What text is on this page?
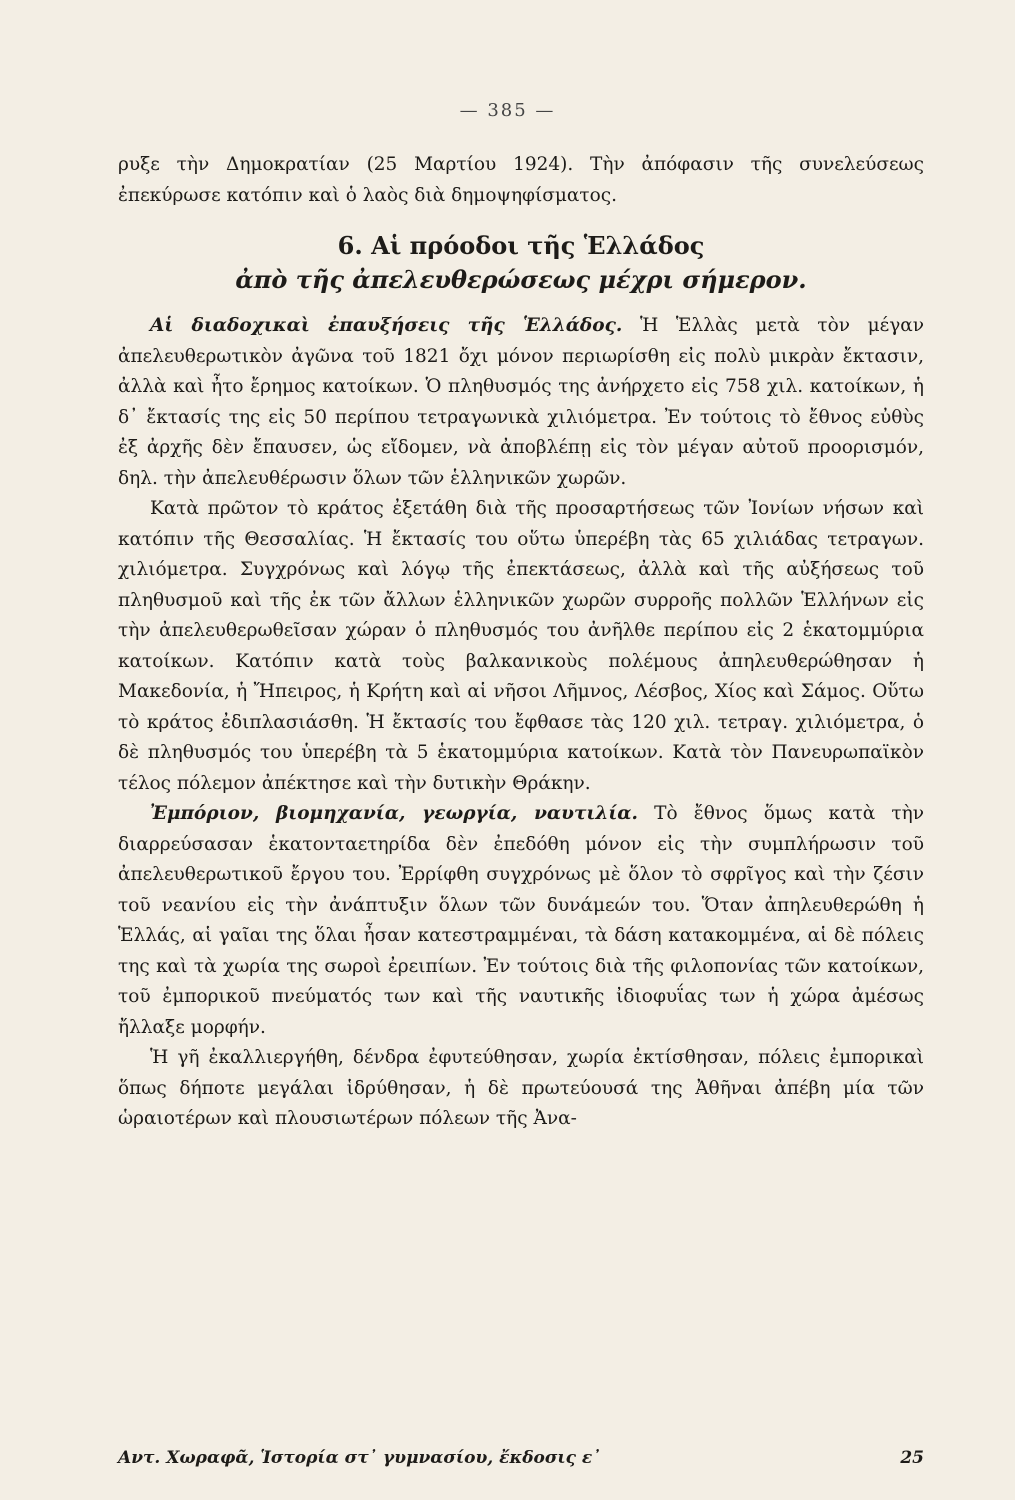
— 385 —

ρυξε τὴν Δημοκρατίαν (25 Μαρτίου 1924). Τὴν ἀπόφασιν τῆς συνελεύσεως ἐπεκύρωσε κατόπιν καὶ ὁ λαὸς διὰ δημοψηφίσματος.

6. Αἱ πρόοδοι τῆς Ἑλλάδος
ἀπὸ τῆς ἀπελευθερώσεως μέχρι σήμερον.

Αἱ διαδοχικαὶ ἐπαυξήσεις τῆς Ἑλλάδος. Ἡ Ἑλλὰς μετὰ τὸν μέγαν ἀπελευθερωτικὸν ἀγῶνα τοῦ 1821 ὄχι μόνον περιωρίσθη εἰς πολὺ μικρὰν ἔκτασιν, ἀλλὰ καὶ ἦτο ἔρημος κατοίκων. Ὁ πληθυσμός της ἀνήρχετο εἰς 758 χιλ. κατοίκων, ἡ δ᾽ ἔκτασίς της εἰς 50 περίπου τετραγωνικὰ χιλιόμετρα. Ἐν τούτοις τὸ ἔθνος εὐθὺς ἐξ ἀρχῆς δὲν ἔπαυσεν, ὡς εἴδομεν, νὰ ἀποβλέπῃ εἰς τὸν μέγαν αὐτοῦ προορισμόν, δηλ. τὴν ἀπελευθέρωσιν ὅλων τῶν ἑλληνικῶν χωρῶν.

Κατὰ πρῶτον τὸ κράτος ἐξετάθη διὰ τῆς προσαρτήσεως τῶν Ἰονίων νήσων καὶ κατόπιν τῆς Θεσσαλίας. Ἡ ἔκτασίς του οὕτω ὑπερέβη τὰς 65 χιλιάδας τετραγων. χιλιόμετρα. Συγχρόνως καὶ λόγῳ τῆς ἐπεκτάσεως, ἀλλὰ καὶ τῆς αὐξήσεως τοῦ πληθυσμοῦ καὶ τῆς ἐκ τῶν ἄλλων ἑλληνικῶν χωρῶν συρροῆς πολλῶν Ἑλλήνων εἰς τὴν ἀπελευθερωθεῖσαν χώραν ὁ πληθυσμός του ἀνῆλθε περίπου εἰς 2 ἑκατομμύρια κατοίκων. Κατόπιν κατὰ τοὺς βαλκανικοὺς πολέμους ἀπηλευθερώθησαν ἡ Μακεδονία, ἡ Ἤπειρος, ἡ Κρήτη καὶ αἱ νῆσοι Λῆμνος, Λέσβος, Χίος καὶ Σάμος. Οὕτω τὸ κράτος ἐδιπλασιάσθη. Ἡ ἔκτασίς του ἔφθασε τὰς 120 χιλ. τετραγ. χιλιόμετρα, ὁ δὲ πληθυσμός του ὑπερέβη τὰ 5 ἑκατομμύρια κατοίκων. Κατὰ τὸν Πανευρωπαϊκὸν τέλος πόλεμον ἀπέκτησε καὶ τὴν δυτικὴν Θράκην.

Ἐμπόριον, βιομηχανία, γεωργία, ναυτιλία. Τὸ ἔθνος ὅμως κατὰ τὴν διαρρεύσασαν ἑκατονταετηρίδα δὲν ἐπεδόθη μόνον εἰς τὴν συμπλήρωσιν τοῦ ἀπελευθερωτικοῦ ἔργου του. Ἐρρίφθη συγχρόνως μὲ ὅλον τὸ σφρῖγος καὶ τὴν ζέσιν τοῦ νεανίου εἰς τὴν ἀνάπτυξιν ὅλων τῶν δυνάμεών του. Ὅταν ἀπηλευθερώθη ἡ Ἑλλάς, αἱ γαῖαι της ὅλαι ἦσαν κατεστραμμέναι, τὰ δάση κατακομμένα, αἱ δὲ πόλεις της καὶ τὰ χωρία της σωροὶ ἐρειπίων. Ἐν τούτοις διὰ τῆς φιλοπονίας τῶν κατοίκων, τοῦ ἐμπορικοῦ πνεύματός των καὶ τῆς ναυτικῆς ἰδιοφυΐας των ἡ χώρα ἀμέσως ἤλλαξε μορφήν.

Ἡ γῆ ἐκαλλιεργήθη, δένδρα ἐφυτεύθησαν, χωρία ἐκτίσθησαν, πόλεις ἐμπορικαὶ ὅπως δήποτε μεγάλαι ἱδρύθησαν, ἡ δὲ πρωτεύουσά της Ἀθῆναι ἀπέβη μία τῶν ὡραιοτέρων καὶ πλουσιωτέρων πόλεων τῆς Ἀνα-

Αντ. Χωραφᾶ, Ἱστορία στ᾽ γυμνασίου, ἔκδοσις ε᾽	25
